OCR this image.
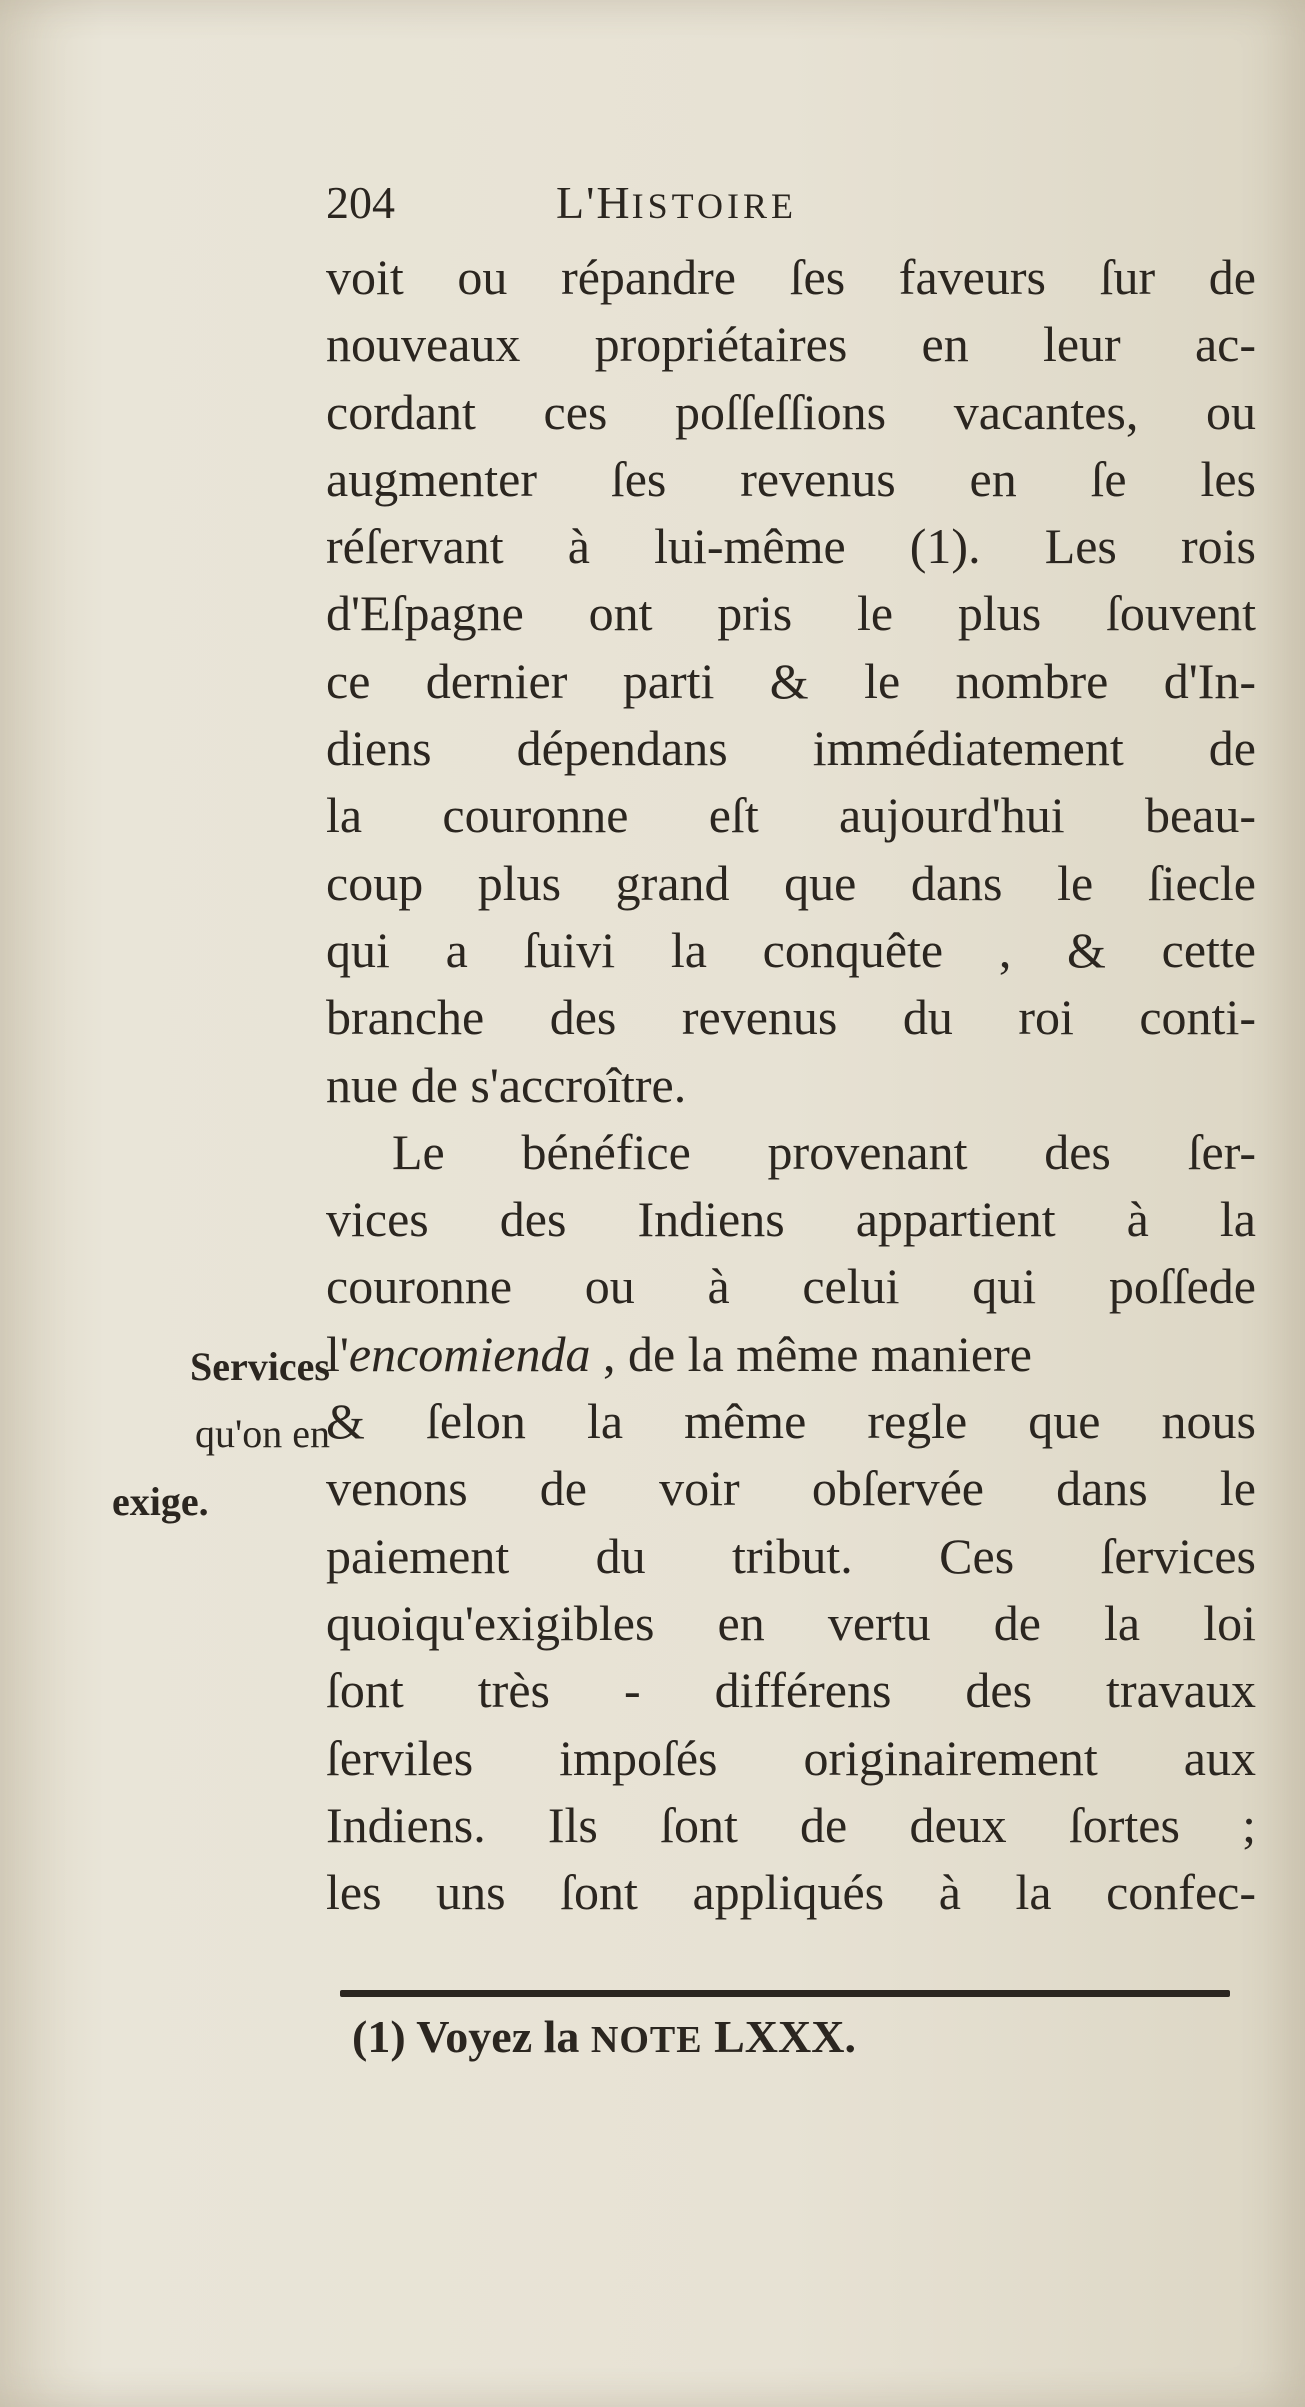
204	L'HISTOIRE
voit ou répandre ſes faveurs ſur de
nouveaux propriétaires en leur ac-
cordant ces poſſeſſions vacantes, ou
augmenter ſes revenus en ſe les
réſervant à lui-même (1). Les rois
d'Eſpagne ont pris le plus ſouvent
ce dernier parti & le nombre d'In-
diens dépendans immédiatement de
la couronne eſt aujourd'hui beau-
coup plus grand que dans le ſiecle
qui a ſuivi la conquête , & cette
branche des revenus du roi conti-
nue de s'accroître.
Le bénéfice provenant des ſer-
vices des Indiens appartient à la
couronne ou à celui qui poſſede
l'encomienda , de la même maniere
& ſelon la même regle que nous
venons de voir obſervée dans le
paiement du tribut. Ces ſervices
quoiqu'exigibles en vertu de la loi
ſont très - différens des travaux
ſerviles impoſés originairement aux
Indiens. Ils ſont de deux ſortes ;
les uns ſont appliqués à la confec-
Services
qu'on en
exige.
(1) Voyez la NOTE LXXX.
